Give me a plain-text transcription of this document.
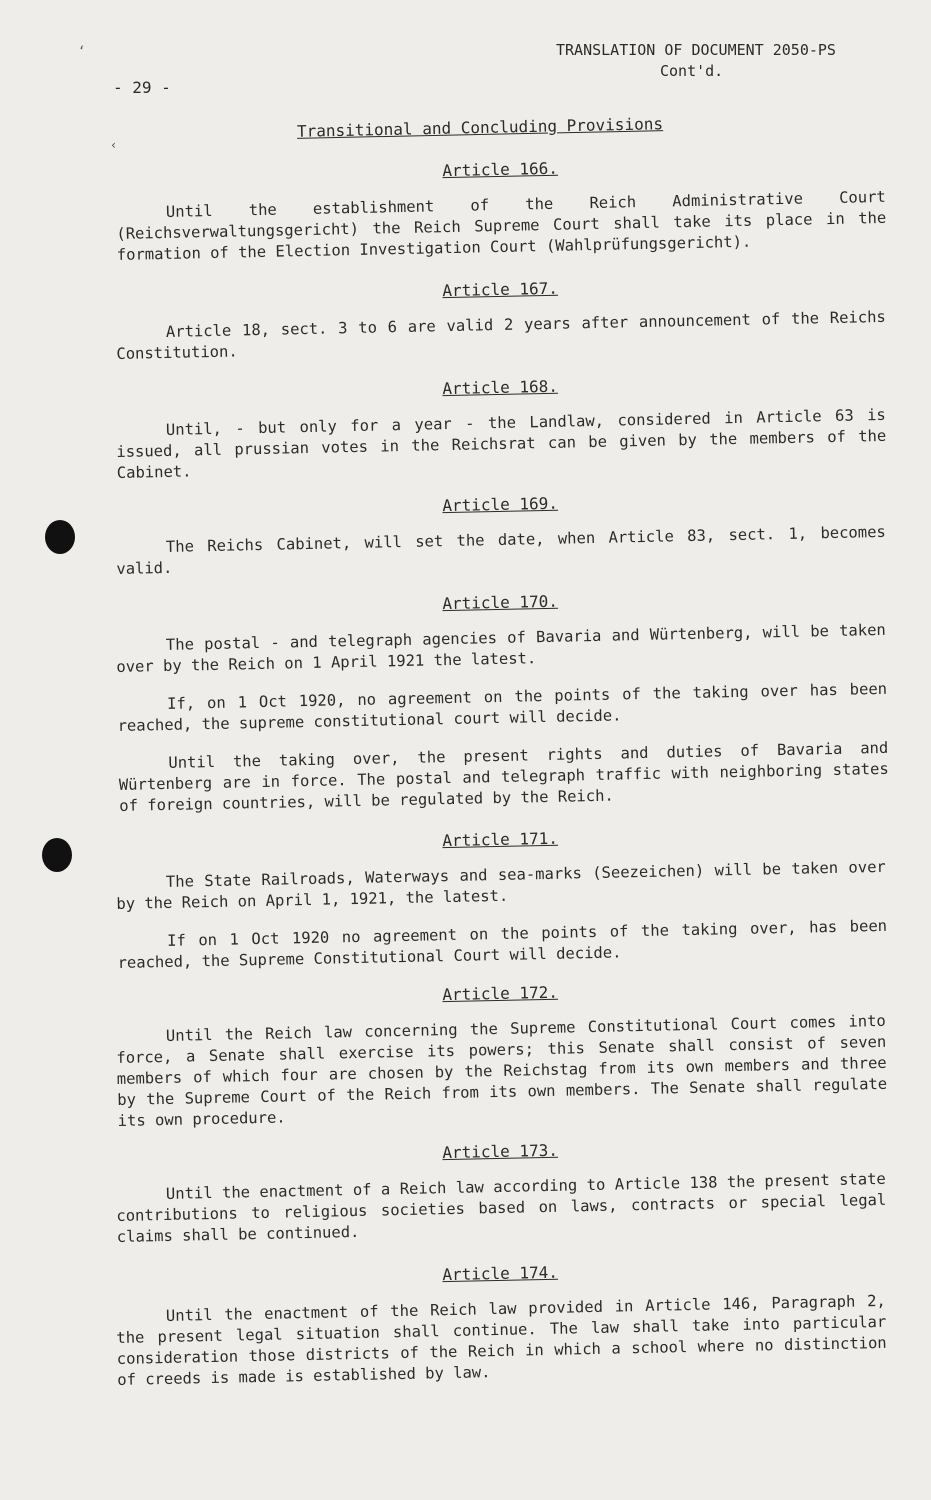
‘
‹
TRANSLATION OF DOCUMENT 2050-PS
Cont'd.
- 29 -
Transitional and Concluding Provisions
Article 166.

Until the establishment of the Reich Administrative Court (Reichsverwaltungsgericht) the Reich Supreme Court shall take its place in the formation of the Election Investigation Court (Wahlprüfungsgericht).

Article 167.

Article 18, sect. 3 to 6 are valid 2 years after announcement of the Reichs Constitution.

Article 168.

Until, - but only for a year - the Landlaw, considered in Article 63 is issued, all prussian votes in the Reichsrat can be given by the members of the Cabinet.

Article 169.

The Reichs Cabinet, will set the date, when Article 83, sect. 1, becomes valid.

Article 170.

The postal - and telegraph agencies of Bavaria and Würtenberg, will be taken over by the Reich on 1 April 1921 the latest.

If, on 1 Oct 1920, no agreement on the points of the taking over has been reached, the supreme constitutional court will decide.

Until the taking over, the present rights and duties of Bavaria and Würtenberg are in force. The postal and telegraph traffic with neighboring states of foreign countries, will be regulated by the Reich.

Article 171.

The State Railroads, Waterways and sea-marks (Seezeichen) will be taken over by the Reich on April 1, 1921, the latest.

If on 1 Oct 1920 no agreement on the points of the taking over, has been reached, the Supreme Constitutional Court will decide.

Article 172.

Until the Reich law concerning the Supreme Constitutional Court comes into force, a Senate shall exercise its powers; this Senate shall consist of seven members of which four are chosen by the Reichstag from its own members and three by the Supreme Court of the Reich from its own members. The Senate shall regulate its own procedure.

Article 173.

Until the enactment of a Reich law according to Article 138 the present state contributions to religious societies based on laws, contracts or special legal claims shall be continued.

Article 174.

Until the enactment of the Reich law provided in Article 146, Paragraph 2, the present legal situation shall continue. The law shall take into particular consideration those districts of the Reich in which a school where no distinction of creeds is made is established by law.
